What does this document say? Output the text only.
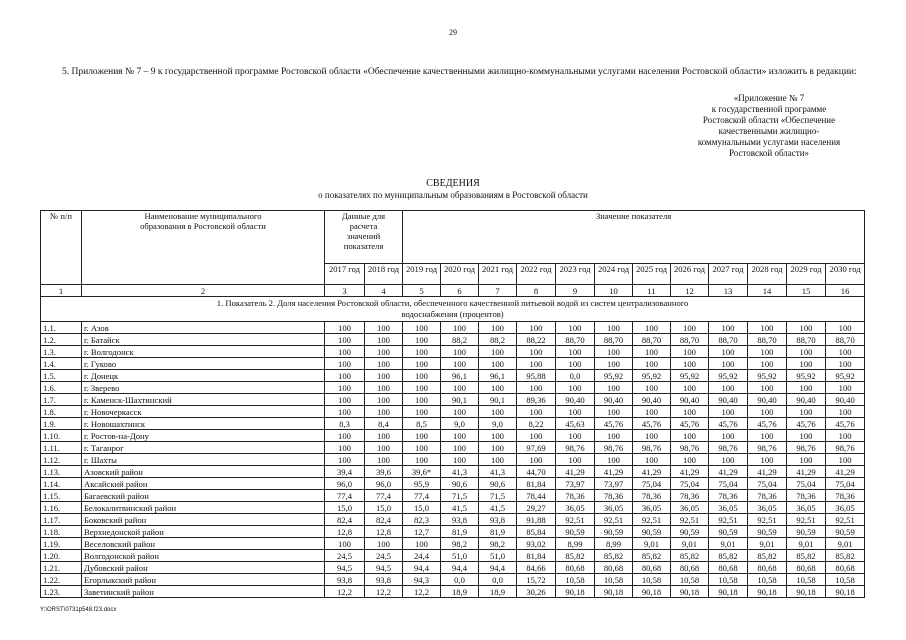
29
5. Приложения № 7 – 9 к государственной программе Ростовской области «Обеспечение качественными жилищно-коммунальными услугами населения Ростовской области» изложить в редакции:
«Приложение № 7
к государственной программе
Ростовской области «Обеспечение
качественными жилищно-
коммунальными услугами населения
Ростовской области»
СВЕДЕНИЯ
о показателях по муниципальным образованиям в Ростовской области
№ п/п	Наименование муниципального образования в Ростовской области	Данные для расчета значений показателя		Значение показателя											
		2017 год	2018 год	2019 год	2020 год	2021 год	2022 год	2023 год	2024 год	2025 год	2026 год	2027 год	2028 год	2029 год	2030 год
1	2	3	4	5	6	7	8	9	10	11	12	13	14	15	16
1. Показатель 2. Доля населения Ростовской области, обеспеченного качественной питьевой водой из систем централизованного водоснабжения (процентов)															
1.1.	г. Азов	100	100	100	100	100	100	100	100	100	100	100	100	100	100
1.2.	г. Батайск	100	100	100	88,2	88,2	88,22	88,70	88,70	88,70	88,70	88,70	88,70	88,70	88,70
1.3.	г. Волгодонск	100	100	100	100	100	100	100	100	100	100	100	100	100	100
1.4.	г. Гуково	100	100	100	100	100	100	100	100	100	100	100	100	100	100
1.5.	г. Донецк	100	100	100	96,1	96,1	95,88	0,0	95,92	95,92	95,92	95,92	95,92	95,92	95,92
1.6.	г. Зверево	100	100	100	100	100	100	100	100	100	100	100	100	100	100
1.7.	г. Каменск-Шахтинский	100	100	100	90,1	90,1	89,36	90,40	90,40	90,40	90,40	90,40	90,40	90,40	90,40
1.8.	г. Новочеркасск	100	100	100	100	100	100	100	100	100	100	100	100	100	100
1.9.	г. Новошахтинск	8,3	8,4	8,5	9,0	9,0	8,22	45,63	45,76	45,76	45,76	45,76	45,76	45,76	45,76
1.10.	г. Ростов-на-Дону	100	100	100	100	100	100	100	100	100	100	100	100	100	100
1.11.	г. Таганрог	100	100	100	100	100	97,69	98,76	98,76	98,76	98,76	98,76	98,76	98,76	98,76
1.12.	г. Шахты	100	100	100	100	100	100	100	100	100	100	100	100	100	100
1.13.	Азовский район	39,4	39,6	39,6*	41,3	41,3	44,70	41,29	41,29	41,29	41,29	41,29	41,29	41,29	41,29
1.14.	Аксайский район	96,0	96,0	95,9	90,6	90,6	81,84	73,97	73,97	75,04	75,04	75,04	75,04	75,04	75,04
1.15.	Багаевский район	77,4	77,4	77,4	71,5	71,5	78,44	78,36	78,36	78,36	78,36	78,36	78,36	78,36	78,36
1.16.	Белокалитвинский район	15,0	15,0	15,0	41,5	41,5	29,27	36,05	36,05	36,05	36,05	36,05	36,05	36,05	36,05
1.17.	Боковский район	82,4	82,4	82,3	93,8	93,8	91,88	92,51	92,51	92,51	92,51	92,51	92,51	92,51	92,51
1.18.	Верхнедонской район	12,8	12,8	12,7	81,9	81,9	85,84	90,59	90,59	90,59	90,59	90,59	90,59	90,59	90,59
1.19.	Веселовский район	100	100	100	98,2	98,2	93,02	8,99	8,99	9,01	9,01	9,01	9,01	9,01	9,01
1.20.	Волгодонской район	24,5	24,5	24,4	51,0	51,0	81,84	85,82	85,82	85,82	85,82	85,82	85,82	85,82	85,82
1.21.	Дубовский район	94,5	94,5	94,4	94,4	94,4	84,66	80,68	80,68	80,68	80,68	80,68	80,68	80,68	80,68
1.22.	Егорлыкский район	93,8	93,8	94,3	0,0	0,0	15,72	10,58	10,58	10,58	10,58	10,58	10,58	10,58	10,58
1.23.	Заветинский район	12,2	12,2	12,2	18,9	18,9	30,26	90,18	90,18	90,18	90,18	90,18	90,18	90,18	90,18
Y:\ORST\0731p548.f23.docx
